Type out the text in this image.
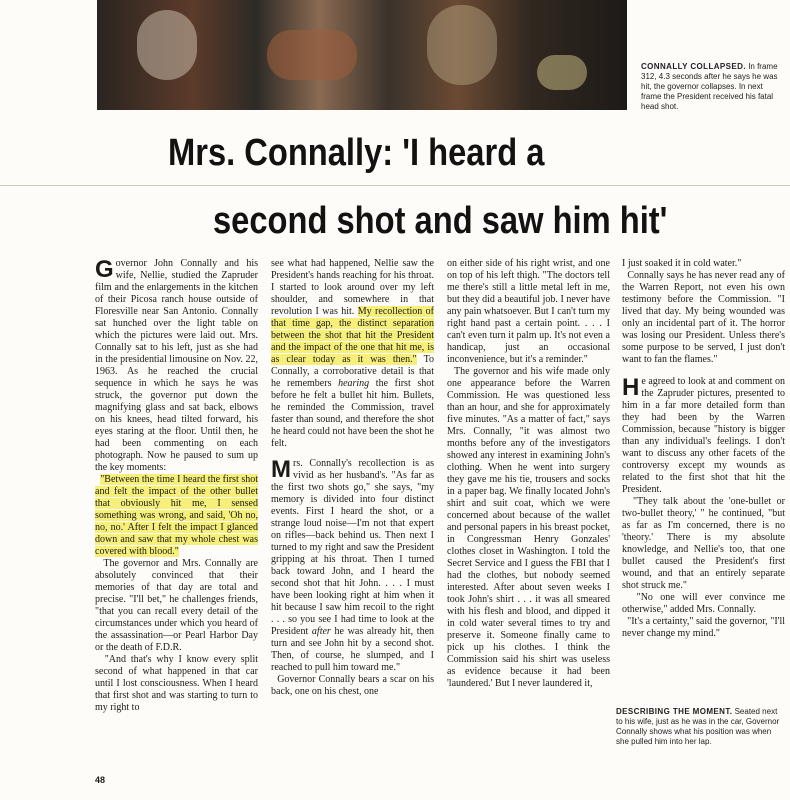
CONNALLY COLLAPSED. In frame 312, 4.3 seconds after he says he was hit, the governor collapses. In next frame the President received his fatal head shot.
Mrs. Connally: 'I heard a
second shot and saw him hit'

Governor John Connally and his wife, Nellie, studied the Zapruder film and the enlargements in the kitchen of their Picosa ranch house outside of Floresville near San Antonio. Connally sat hunched over the light table on which the pictures were laid out. Mrs. Connally sat to his left, just as she had in the presidential limousine on Nov. 22, 1963. As he reached the crucial sequence in which he says he was struck, the governor put down the magnifying glass and sat back, elbows on his knees, head tilted forward, his eyes staring at the floor. Until then, he had been commenting on each photograph. Now he paused to sum up the key moments:

"Between the time I heard the first shot and felt the impact of the other bullet that obviously hit me, I sensed something was wrong, and said, 'Oh no, no, no.' After I felt the impact I glanced down and saw that my whole chest was covered with blood."

The governor and Mrs. Connally are absolutely convinced that their memories of that day are total and precise. "I'll bet," he challenges friends, "that you can recall every detail of the circumstances under which you heard of the assassination—or Pearl Harbor Day or the death of F.D.R.

"And that's why I know every split second of what happened in that car until I lost consciousness. When I heard that first shot and was starting to turn to my right to

see what had happened, Nellie saw the President's hands reaching for his throat. I started to look around over my left shoulder, and somewhere in that revolution I was hit. My recollection of that time gap, the distinct separation between the shot that hit the President and the impact of the one that hit me, is as clear today as it was then." To Connally, a corroborative detail is that he remembers hearing the first shot before he felt a bullet hit him. Bullets, he reminded the Commission, travel faster than sound, and therefore the shot he heard could not have been the shot he felt.

Mrs. Connally's recollection is as vivid as her husband's. "As far as the first two shots go," she says, "my memory is divided into four distinct events. First I heard the shot, or a strange loud noise—I'm not that expert on rifles—back behind us. Then next I turned to my right and saw the President gripping at his throat. Then I turned back toward John, and I heard the second shot that hit John. . . . I must have been looking right at him when it hit because I saw him recoil to the right . . . so you see I had time to look at the President after he was already hit, then turn and see John hit by a second shot. Then, of course, he slumped, and I reached to pull him toward me."

Governor Connally bears a scar on his back, one on his chest, one

on either side of his right wrist, and one on top of his left thigh. "The doctors tell me there's still a little metal left in me, but they did a beautiful job. I never have any pain whatsoever. But I can't turn my right hand past a certain point. . . . I can't even turn it palm up. It's not even a handicap, just an occasional inconvenience, but it's a reminder."

The governor and his wife made only one appearance before the Warren Commission. He was questioned less than an hour, and she for approximately five minutes. "As a matter of fact," says Mrs. Connally, "it was almost two months before any of the investigators showed any interest in examining John's clothing. When he went into surgery they gave me his tie, trousers and socks in a paper bag. We finally located John's shirt and suit coat, which we were concerned about because of the wallet and personal papers in his breast pocket, in Congressman Henry Gonzales' clothes closet in Washington. I told the Secret Service and I guess the FBI that I had the clothes, but nobody seemed interested. After about seven weeks I took John's shirt . . . it was all smeared with his flesh and blood, and dipped it in cold water several times to try and preserve it. Someone finally came to pick up his clothes. I think the Commission said his shirt was useless as evidence because it had been 'laundered.' But I never laundered it,

I just soaked it in cold water."

Connally says he has never read any of the Warren Report, not even his own testimony before the Commission. "I lived that day. My being wounded was only an incidental part of it. The horror was losing our President. Unless there's some purpose to be served, I just don't want to fan the flames."

He agreed to look at and comment on the Zapruder pictures, presented to him in a far more detailed form than they had been by the Warren Commission, because "history is bigger than any individual's feelings. I don't want to discuss any other facets of the controversy except my wounds as related to the first shot that hit the President.

"They talk about the 'one-bullet or two-bullet theory,' " he continued, "but as far as I'm concerned, there is no 'theory.' There is my absolute knowledge, and Nellie's too, that one bullet caused the President's first wound, and that an entirely separate shot struck me."

"No one will ever convince me otherwise," added Mrs. Connally.

"It's a certainty," said the governor, "I'll never change my mind."

DESCRIBING THE MOMENT. Seated next to his wife, just as he was in the car, Governor Connally shows what his position was when she pulled him into her lap.
48
